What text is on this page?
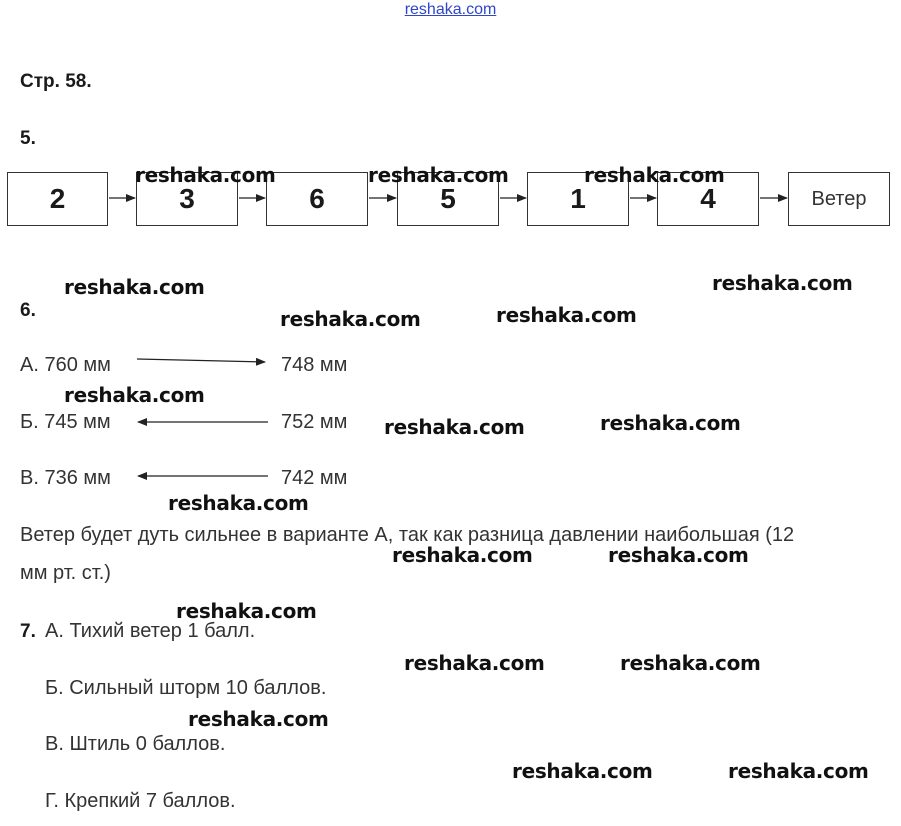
reshaka.com
Стр. 58.
5.
2	3	6	5	1	4	Ветер
6.
А. 760 мм	748 мм
Б. 745 мм	752 мм
В. 736 мм	742 мм
Ветер будет дуть сильнее в варианте А, так как разница давлении наибольшая (12
мм рт. ст.)
7. А. Тихий ветер 1 балл.
Б. Сильный шторм 10 баллов.
В. Штиль 0 баллов.
Г. Крепкий 7 баллов.
reshaka.com	reshaka.com	reshaka.com
reshaka.com	reshaka.com
reshaka.com	reshaka.com
reshaka.com
reshaka.com	reshaka.com
reshaka.com
reshaka.com	reshaka.com
reshaka.com
reshaka.com	reshaka.com
reshaka.com
reshaka.com	reshaka.com
